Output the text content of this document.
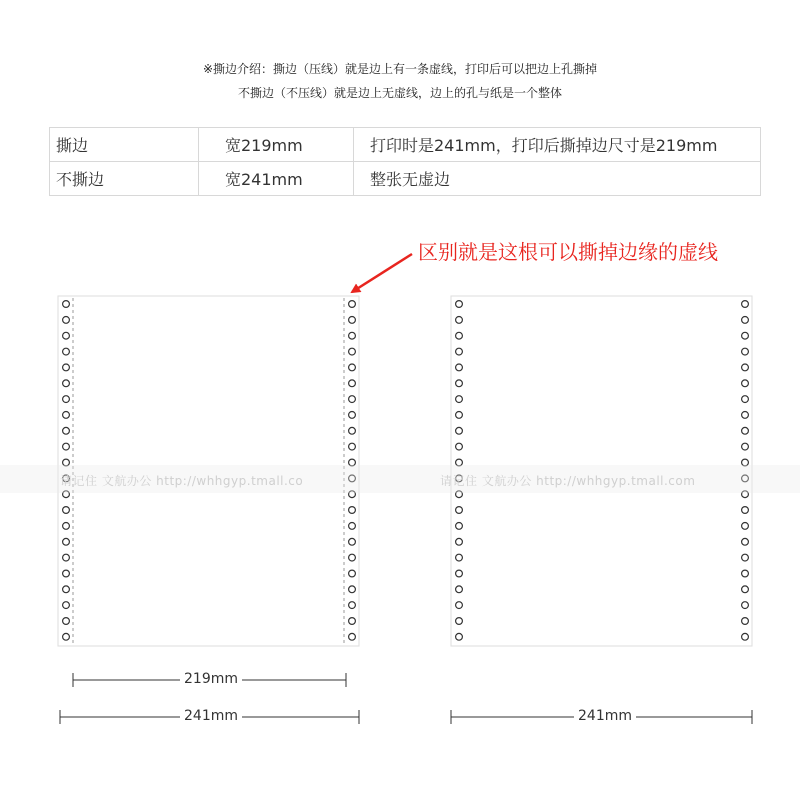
※撕边介绍：撕边（压线）就是边上有一条虚线，打印后可以把边上孔撕掉
不撕边（不压线）就是边上无虚线，边上的孔与纸是一个整体
撕边	宽219mm	打印时是241mm，打印后撕掉边尺寸是219mm
不撕边	宽241mm	整张无虚边
区别就是这根可以撕掉边缘的虚线
请记住 文航办公 http://whhgyp.tmall.co	请记住 文航办公 http://whhgyp.tmall.com
219mm
241mm	241mm
